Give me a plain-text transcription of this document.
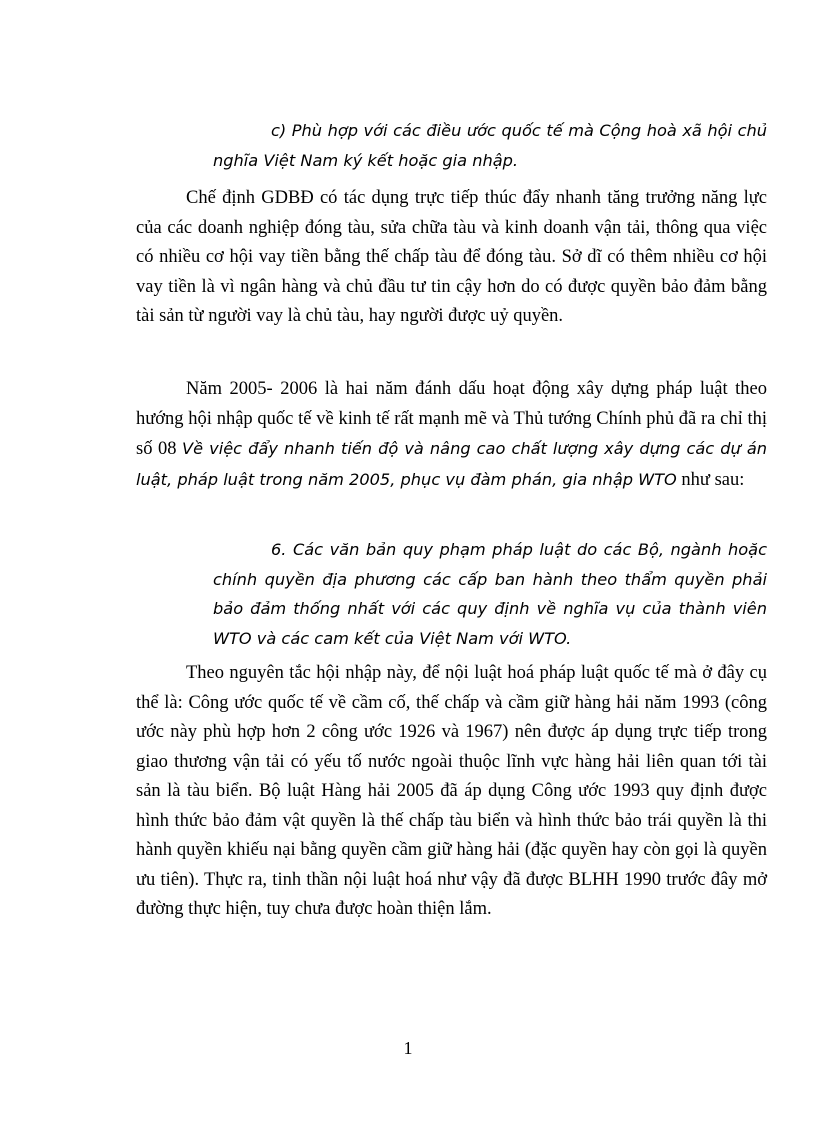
c) Phù hợp với các điều ước quốc tế mà Cộng hoà xã hội chủ nghĩa Việt Nam ký kết hoặc gia nhập.

Chế định GDBĐ có tác dụng trực tiếp thúc đẩy nhanh tăng trưởng năng lực của các doanh nghiệp đóng tàu, sửa chữa tàu và kinh doanh vận tải, thông qua việc có nhiều cơ hội vay tiền bằng thế chấp tàu để đóng tàu. Sở dĩ có thêm nhiều cơ hội vay tiền là vì ngân hàng và chủ đầu tư tin cậy hơn do có được quyền bảo đảm bằng tài sản từ người vay là chủ tàu, hay người được uỷ quyền.

Năm 2005- 2006 là hai năm đánh dấu hoạt động xây dựng pháp luật theo hướng hội nhập quốc tế về kinh tế rất mạnh mẽ và Thủ tướng Chính phủ đã ra chỉ thị số 08 Về việc đẩy nhanh tiến độ và nâng cao chất lượng xây dựng các dự án luật, pháp luật trong năm 2005, phục vụ đàm phán, gia nhập WTO như sau:

6. Các văn bản quy phạm pháp luật do các Bộ, ngành hoặc chính quyền địa phương các cấp ban hành theo thẩm quyền phải bảo đảm thống nhất với các quy định về nghĩa vụ của thành viên WTO và các cam kết của Việt Nam với WTO.

Theo nguyên tắc hội nhập này, để nội luật hoá pháp luật quốc tế mà ở đây cụ thể là: Công ước quốc tế về cầm cố, thế chấp và cầm giữ hàng hải năm 1993 (công ước này phù hợp hơn 2 công ước 1926 và 1967) nên được áp dụng trực tiếp trong giao thương vận tải có yếu tố nước ngoài thuộc lĩnh vực hàng hải liên quan tới tài sản là tàu biển. Bộ luật Hàng hải 2005 đã áp dụng Công ước 1993 quy định được hình thức bảo đảm vật quyền là thế chấp tàu biển và hình thức bảo trái quyền là thi hành quyền khiếu nại bằng quyền cầm giữ hàng hải (đặc quyền hay còn gọi là quyền ưu tiên). Thực ra, tinh thần nội luật hoá như vậy đã được BLHH 1990 trước đây mở đường thực hiện, tuy chưa được hoàn thiện lắm.

1
